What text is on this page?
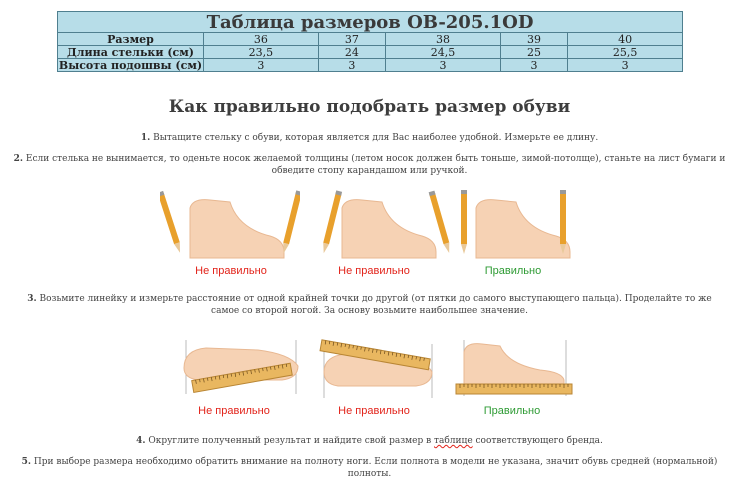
Таблица размеров OB-205.1OD					
Размер	36	37	38	39	40
Длина стельки (см)	23,5	24	24,5	25	25,5
Высота подошвы (см)	3	3	3	3	3
Как правильно подобрать размер обуви
1. Вытащите стельку с обуви, которая является для Вас наиболее удобной. Измерьте ее длину.
2. Если стелька не вынимается, то оденьте носок желаемой толщины (летом носок должен быть тоньше, зимой-потолще), станьте на лист бумаги и обведите стопу карандашом или ручкой.
Не правильно	Не правильно	Правильно
3. Возьмите линейку и измерьте расстояние от одной крайней точки до другой (от пятки до самого выступающего пальца). Проделайте то же самое со второй ногой. За основу возьмите наибольшее значение.
Не правильно	Не правильно	Правильно
4. Округлите полученный результат и найдите свой размер в таблице соответствующего бренда.
5. При выборе размера необходимо обратить внимание на полноту ноги. Если полнота в модели не указана, значит обувь средней (нормальной) полноты.
